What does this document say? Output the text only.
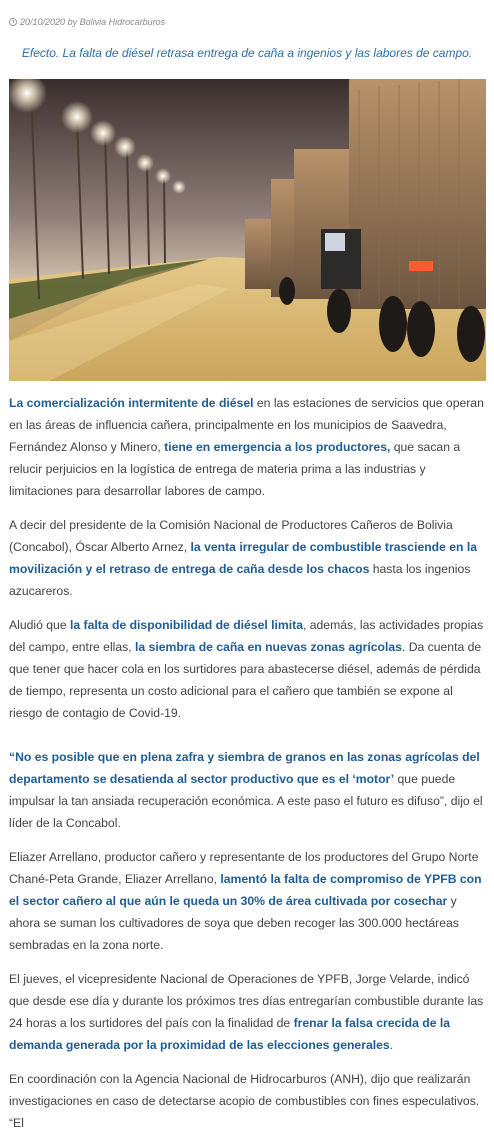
20/10/2020
by
Bolivia Hidrocarburos
Efecto. La falta de diésel retrasa entrega de caña a ingenios y las labores de campo.

La comercialización intermitente de diésel en las estaciones de servicios que operan en las áreas de influencia cañera, principalmente en los municipios de Saavedra, Fernández Alonso y Minero, tiene en emergencia a los productores, que sacan a relucir perjuicios en la logística de entrega de materia prima a las industrias y limitaciones para desarrollar labores de campo.

A decir del presidente de la Comisión Nacional de Productores Cañeros de Bolivia (Concabol), Óscar Alberto Arnez, la venta irregular de combustible trasciende en la movilización y el retraso de entrega de caña desde los chacos hasta los ingenios azucareros.

Aludió que la falta de disponibilidad de diésel limita, además, las actividades propias del campo, entre ellas, la siembra de caña en nuevas zonas agrícolas. Da cuenta de que tener que hacer cola en los surtidores para abastecerse diésel, además de pérdida de tiempo, representa un costo adicional para el cañero que también se expone al riesgo de contagio de Covid-19.

“No es posible que en plena zafra y siembra de granos en las zonas agrícolas del departamento se desatienda al sector productivo que es el ‘motor’ que puede impulsar la tan ansiada recuperación económica. A este paso el futuro es difuso”, dijo el líder de la Concabol.

Eliazer Arrellano, productor cañero y representante de los productores del Grupo Norte Chané-Peta Grande, Eliazer Arrellano, lamentó la falta de compromiso de YPFB con el sector cañero al que aún le queda un 30% de área cultivada por cosechar y ahora se suman los cultivadores de soya que deben recoger las 300.000 hectáreas sembradas en la zona norte.

El jueves, el vicepresidente Nacional de Operaciones de YPFB, Jorge Velarde, indicó que desde ese día y durante los próximos tres días entregarían combustible durante las 24 horas a los surtidores del país con la finalidad de frenar la falsa crecida de la demanda generada por la proximidad de las elecciones generales.

En coordinación con la Agencia Nacional de Hidrocarburos (ANH), dijo que realizarán investigaciones en caso de detectarse acopio de combustibles con fines especulativos. “El
